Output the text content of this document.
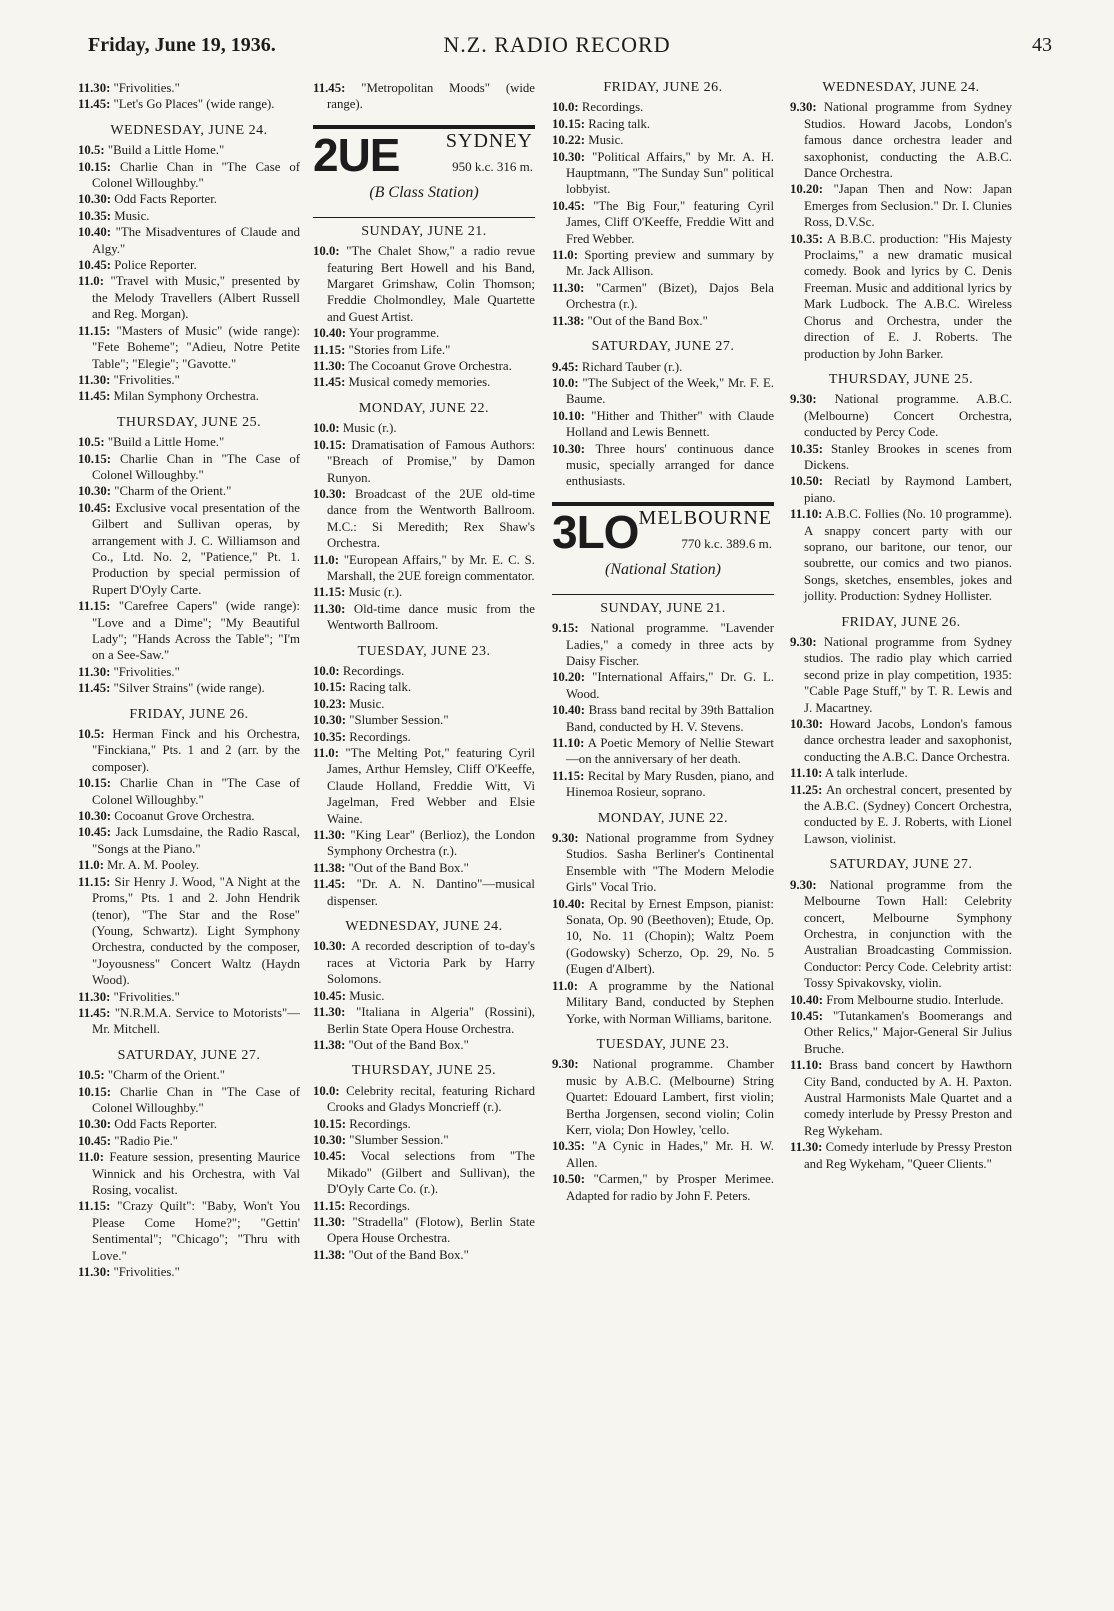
Friday, June 19, 1936.	N.Z. RADIO RECORD	43

11.30: "Frivolities."

11.45: "Let's Go Places" (wide range).

WEDNESDAY, JUNE 24.

10.5: "Build a Little Home."

10.15: Charlie Chan in "The Case of Colonel Willoughby."

10.30: Odd Facts Reporter.

10.35: Music.

10.40: "The Misadventures of Claude and Algy."

10.45: Police Reporter.

11.0: "Travel with Music," presented by the Melody Travellers (Albert Russell and Reg. Morgan).

11.15: "Masters of Music" (wide range): "Fete Boheme"; "Adieu, Notre Petite Table"; "Elegie"; "Gavotte."

11.30: "Frivolities."

11.45: Milan Symphony Orchestra.

THURSDAY, JUNE 25.

10.5: "Build a Little Home."

10.15: Charlie Chan in "The Case of Colonel Willoughby."

10.30: "Charm of the Orient."

10.45: Exclusive vocal presentation of the Gilbert and Sullivan operas, by arrangement with J. C. Williamson and Co., Ltd. No. 2, "Patience," Pt. 1. Production by special permission of Rupert D'Oyly Carte.

11.15: "Carefree Capers" (wide range): "Love and a Dime"; "My Beautiful Lady"; "Hands Across the Table"; "I'm on a See-Saw."

11.30: "Frivolities."

11.45: "Silver Strains" (wide range).

FRIDAY, JUNE 26.

10.5: Herman Finck and his Orchestra, "Finckiana," Pts. 1 and 2 (arr. by the composer).

10.15: Charlie Chan in "The Case of Colonel Willoughby."

10.30: Cocoanut Grove Orchestra.

10.45: Jack Lumsdaine, the Radio Rascal, "Songs at the Piano."

11.0: Mr. A. M. Pooley.

11.15: Sir Henry J. Wood, "A Night at the Proms," Pts. 1 and 2. John Hendrik (tenor), "The Star and the Rose" (Young, Schwartz). Light Symphony Orchestra, conducted by the composer, "Joyousness" Concert Waltz (Haydn Wood).

11.30: "Frivolities."

11.45: "N.R.M.A. Service to Motorists"—Mr. Mitchell.

SATURDAY, JUNE 27.

10.5: "Charm of the Orient."

10.15: Charlie Chan in "The Case of Colonel Willoughby."

10.30: Odd Facts Reporter.

10.45: "Radio Pie."

11.0: Feature session, presenting Maurice Winnick and his Orchestra, with Val Rosing, vocalist.

11.15: "Crazy Quilt": "Baby, Won't You Please Come Home?"; "Gettin' Sentimental"; "Chicago"; "Thru with Love."

11.30: "Frivolities."

11.45: "Metropolitan Moods" (wide range).

2UE SYDNEY
950 k.c. 316 m.
(B Class Station)
SUNDAY, JUNE 21.

10.0: "The Chalet Show," a radio revue featuring Bert Howell and his Band, Margaret Grimshaw, Colin Thomson; Freddie Cholmondley, Male Quartette and Guest Artist.

10.40: Your programme.

11.15: "Stories from Life."

11.30: The Cocoanut Grove Orchestra.

11.45: Musical comedy memories.

MONDAY, JUNE 22.

10.0: Music (r.).

10.15: Dramatisation of Famous Authors: "Breach of Promise," by Damon Runyon.

10.30: Broadcast of the 2UE old-time dance from the Wentworth Ballroom. M.C.: Si Meredith; Rex Shaw's Orchestra.

11.0: "European Affairs," by Mr. E. C. S. Marshall, the 2UE foreign commentator.

11.15: Music (r.).

11.30: Old-time dance music from the Wentworth Ballroom.

TUESDAY, JUNE 23.

10.0: Recordings.

10.15: Racing talk.

10.23: Music.

10.30: "Slumber Session."

10.35: Recordings.

11.0: "The Melting Pot," featuring Cyril James, Arthur Hemsley, Cliff O'Keeffe, Claude Holland, Freddie Witt, Vi Jagelman, Fred Webber and Elsie Waine.

11.30: "King Lear" (Berlioz), the London Symphony Orchestra (r.).

11.38: "Out of the Band Box."

11.45: "Dr. A. N. Dantino"—musical dispenser.

WEDNESDAY, JUNE 24.

10.30: A recorded description of to-day's races at Victoria Park by Harry Solomons.

10.45: Music.

11.30: "Italiana in Algeria" (Rossini), Berlin State Opera House Orchestra.

11.38: "Out of the Band Box."

THURSDAY, JUNE 25.

10.0: Celebrity recital, featuring Richard Crooks and Gladys Moncrieff (r.).

10.15: Recordings.

10.30: "Slumber Session."

10.45: Vocal selections from "The Mikado" (Gilbert and Sullivan), the D'Oyly Carte Co. (r.).

11.15: Recordings.

11.30: "Stradella" (Flotow), Berlin State Opera House Orchestra.

11.38: "Out of the Band Box."

FRIDAY, JUNE 26.

10.0: Recordings.

10.15: Racing talk.

10.22: Music.

10.30: "Political Affairs," by Mr. A. H. Hauptmann, "The Sunday Sun" political lobbyist.

10.45: "The Big Four," featuring Cyril James, Cliff O'Keeffe, Freddie Witt and Fred Webber.

11.0: Sporting preview and summary by Mr. Jack Allison.

11.30: "Carmen" (Bizet), Dajos Bela Orchestra (r.).

11.38: "Out of the Band Box."

SATURDAY, JUNE 27.

9.45: Richard Tauber (r.).

10.0: "The Subject of the Week," Mr. F. E. Baume.

10.10: "Hither and Thither" with Claude Holland and Lewis Bennett.

10.30: Three hours' continuous dance music, specially arranged for dance enthusiasts.

3LO MELBOURNE
770 k.c. 389.6 m.
(National Station)
SUNDAY, JUNE 21.

9.15: National programme. "Lavender Ladies," a comedy in three acts by Daisy Fischer.

10.20: "International Affairs," Dr. G. L. Wood.

10.40: Brass band recital by 39th Battalion Band, conducted by H. V. Stevens.

11.10: A Poetic Memory of Nellie Stewart—on the anniversary of her death.

11.15: Recital by Mary Rusden, piano, and Hinemoa Rosieur, soprano.

MONDAY, JUNE 22.

9.30: National programme from Sydney Studios. Sasha Berliner's Continental Ensemble with "The Modern Melodie Girls" Vocal Trio.

10.40: Recital by Ernest Empson, pianist: Sonata, Op. 90 (Beethoven); Etude, Op. 10, No. 11 (Chopin); Waltz Poem (Godowsky) Scherzo, Op. 29, No. 5 (Eugen d'Albert).

11.0: A programme by the National Military Band, conducted by Stephen Yorke, with Norman Williams, baritone.

TUESDAY, JUNE 23.

9.30: National programme. Chamber music by A.B.C. (Melbourne) String Quartet: Edouard Lambert, first violin; Bertha Jorgensen, second violin; Colin Kerr, viola; Don Howley, 'cello.

10.35: "A Cynic in Hades," Mr. H. W. Allen.

10.50: "Carmen," by Prosper Merimee. Adapted for radio by John F. Peters.

WEDNESDAY, JUNE 24.

9.30: National programme from Sydney Studios. Howard Jacobs, London's famous dance orchestra leader and saxophonist, conducting the A.B.C. Dance Orchestra.

10.20: "Japan Then and Now: Japan Emerges from Seclusion." Dr. I. Clunies Ross, D.V.Sc.

10.35: A B.B.C. production: "His Majesty Proclaims," a new dramatic musical comedy. Book and lyrics by C. Denis Freeman. Music and additional lyrics by Mark Ludbock. The A.B.C. Wireless Chorus and Orchestra, under the direction of E. J. Roberts. The production by John Barker.

THURSDAY, JUNE 25.

9.30: National programme. A.B.C. (Melbourne) Concert Orchestra, conducted by Percy Code.

10.35: Stanley Brookes in scenes from Dickens.

10.50: Reciatl by Raymond Lambert, piano.

11.10: A.B.C. Follies (No. 10 programme). A snappy concert party with our soprano, our baritone, our tenor, our soubrette, our comics and two pianos. Songs, sketches, ensembles, jokes and jollity. Production: Sydney Hollister.

FRIDAY, JUNE 26.

9.30: National programme from Sydney studios. The radio play which carried second prize in play competition, 1935: "Cable Page Stuff," by T. R. Lewis and J. Macartney.

10.30: Howard Jacobs, London's famous dance orchestra leader and saxophonist, conducting the A.B.C. Dance Orchestra.

11.10: A talk interlude.

11.25: An orchestral concert, presented by the A.B.C. (Sydney) Concert Orchestra, conducted by E. J. Roberts, with Lionel Lawson, violinist.

SATURDAY, JUNE 27.

9.30: National programme from the Melbourne Town Hall: Celebrity concert, Melbourne Symphony Orchestra, in conjunction with the Australian Broadcasting Commission. Conductor: Percy Code. Celebrity artist: Tossy Spivakovsky, violin.

10.40: From Melbourne studio. Interlude.

10.45: "Tutankamen's Boomerangs and Other Relics," Major-General Sir Julius Bruche.

11.10: Brass band concert by Hawthorn City Band, conducted by A. H. Paxton. Austral Harmonists Male Quartet and a comedy interlude by Pressy Preston and Reg Wykeham.

11.30: Comedy interlude by Pressy Preston and Reg Wykeham, "Queer Clients."
